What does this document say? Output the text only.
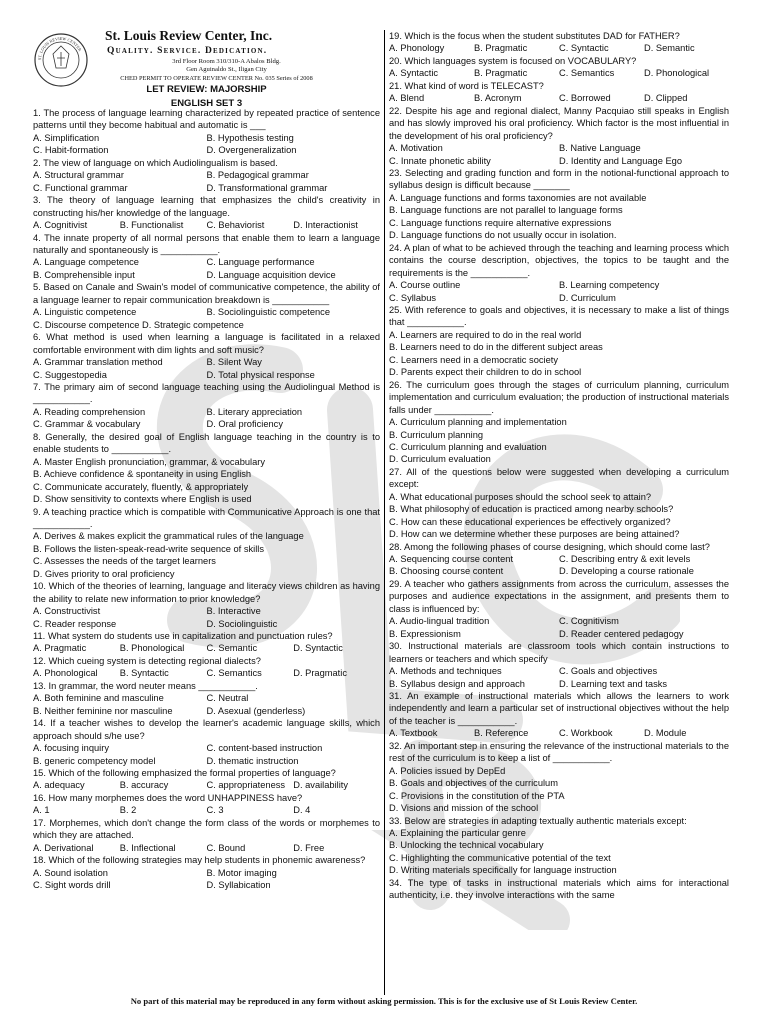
ST. LOUIS REVIEW CENTER
St. Louis Review Center, Inc.
Quality. Service. Dedication.
3rd Floor Room 310/310-A Abalos Bldg.
Gen Aguinaldo St., Iligan City
CHED PERMIT TO OPERATE REVIEW CENTER No. 035 Series of 2008
LET REVIEW: MAJORSHIP
ENGLISH SET 3
1. The process of language learning characterized by repeated practice of sentence patterns until they become habitual and automatic is ___
A. Simplification	B. Hypothesis testing
C. Habit-formation	D. Overgeneralization
2. The view of language on which Audiolingualism is based.
A. Structural grammar	B. Pedagogical grammar
C. Functional grammar	D. Transformational grammar
3. The theory of language learning that emphasizes the child's creativity in constructing his/her knowledge of the language.
A. Cognitivist	B. Functionalist	C. Behaviorist	D. Interactionist
4. The innate property of all normal persons that enable them to learn a language naturally and spontaneously is ___________.
A. Language competence	C. Language performance
B. Comprehensible input	D. Language acquisition device
5. Based on Canale and Swain's model of communicative competence, the ability of a language learner to repair communication breakdown is ___________
A. Linguistic competence	B. Sociolinguistic competence
C. Discourse competence D. Strategic competence
6. What method is used when learning a language is facilitated in a relaxed comfortable environment with dim lights and soft music?
A. Grammar translation method	B. Silent Way
C. Suggestopedia	D. Total physical response
7. The primary aim of second language teaching using the Audiolingual Method is ___________.
A. Reading comprehension	B. Literary appreciation
C. Grammar & vocabulary	D. Oral proficiency
8. Generally, the desired goal of English language teaching in the country is to enable students to ___________.
A. Master English pronunciation, grammar, & vocabulary
B. Achieve confidence & spontaneity in using English
C. Communicate accurately, fluently, & appropriately
D. Show sensitivity to contexts where English is used
9. A teaching practice which is compatible with Communicative Approach is one that ___________.
A. Derives & makes explicit the grammatical rules of the language
B. Follows the listen-speak-read-write sequence of skills
C. Assesses the needs of the target learners
D. Gives priority to oral proficiency
10. Which of the theories of learning, language and literacy views children as having the ability to relate new information to prior knowledge?
A. Constructivist	B. Interactive
C. Reader response	D. Sociolinguistic
11. What system do students use in capitalization and punctuation rules?
A. Pragmatic	B. Phonological	C. Semantic	D. Syntactic
12. Which cueing system is detecting regional dialects?
A. Phonological	B. Syntactic	C. Semantics	D. Pragmatic
13. In grammar, the word neuter means ___________.
A. Both feminine and masculine	C. Neutral
B. Neither feminine nor masculine	D. Asexual (genderless)
14. If a teacher wishes to develop the learner's academic language skills, which approach should s/he use?
A. focusing inquiry	C. content-based instruction
B. generic competency model	D. thematic instruction
15. Which of the following emphasized the formal properties of language?
A. adequacy	B. accuracy	C. appropriateness D. availability
16. How many morphemes does the word UNHAPPINESS have?
A. 1	B. 2	C. 3	D. 4
17. Morphemes, which don't change the form class of the words or morphemes to which they are attached.
A. Derivational	B. Inflectional	C. Bound	D. Free
18. Which of the following strategies may help students in phonemic awareness?
A. Sound isolation	B. Motor imaging
C. Sight words drill	D. Syllabication
19. Which is the focus when the student substitutes DAD for FATHER?
A. Phonology	B. Pragmatic	C. Syntactic	D. Semantic
20. Which languages system is focused on VOCABULARY?
A. Syntactic	B. Pragmatic	C. Semantics	D. Phonological
21. What kind of word is TELECAST?
A. Blend	B. Acronym	C. Borrowed	D. Clipped
22. Despite his age and regional dialect, Manny Pacquiao still speaks in English and has slowly improved his oral proficiency. Which factor is the most influential in the development of his oral proficiency?
A. Motivation	B. Native Language
C. Innate phonetic ability	D. Identity and Language Ego
23. Selecting and grading function and form in the notional-functional approach to syllabus design is difficult because _______
A. Language functions and forms taxonomies are not available
B. Language functions are not parallel to language forms
C. Language functions require alternative expressions
D. Language functions do not usually occur in isolation.
24. A plan of what to be achieved through the teaching and learning process which contains the course description, objectives, the topics to be taught and the requirements is the ___________.
A. Course outline	B. Learning competency
C. Syllabus	D. Curriculum
25. With reference to goals and objectives, it is necessary to make a list of things that ___________.
A. Learners are required to do in the real world
B. Learners need to do in the different subject areas
C. Learners need in a democratic society
D. Parents expect their children to do in school
26. The curriculum goes through the stages of curriculum planning, curriculum implementation and curriculum evaluation; the production of instructional materials falls under ___________.
A. Curriculum planning and implementation
B. Curriculum planning
C. Curriculum planning and evaluation
D. Curriculum evaluation
27. All of the questions below were suggested when developing a curriculum except:
A. What educational purposes should the school seek to attain?
B. What philosophy of education is practiced among nearby schools?
C. How can these educational experiences be effectively organized?
D. How can we determine whether these purposes are being attained?
28. Among the following phases of course designing, which should come last?
A. Sequencing course content	C. Describing entry & exit levels
B. Choosing course content	D. Developing a course rationale
29. A teacher who gathers assignments from across the curriculum, assesses the purposes and audience expectations in the assignment, and presents them to class is influenced by:
A. Audio-lingual tradition	C. Cognitivism
B. Expressionism	D. Reader centered pedagogy
30. Instructional materials are classroom tools which contain instructions to learners or teachers and which specify
A. Methods and techniques	C. Goals and objectives
B. Syllabus design and approach	D. Learning text and tasks
31. An example of instructional materials which allows the learners to work independently and learn a particular set of instructional objectives without the help of the teacher is ___________.
A. Textbook	B. Reference	C. Workbook	D. Module
32. An important step in ensuring the relevance of the instructional materials to the rest of the curriculum is to keep a list of ___________.
A. Policies issued by DepEd
B. Goals and objectives of the curriculum
C. Provisions in the constitution of the PTA
D. Visions and mission of the school
33. Below are strategies in adapting textually authentic materials except:
A. Explaining the particular genre
B. Unlocking the technical vocabulary
C. Highlighting the communicative potential of the text
D. Writing materials specifically for language instruction
34. The type of tasks in instructional materials which aims for interactional authenticity, i.e. they involve interactions with the same
No part of this material may be reproduced in any form without asking permission. This is for the exclusive use of St Louis Review Center.
